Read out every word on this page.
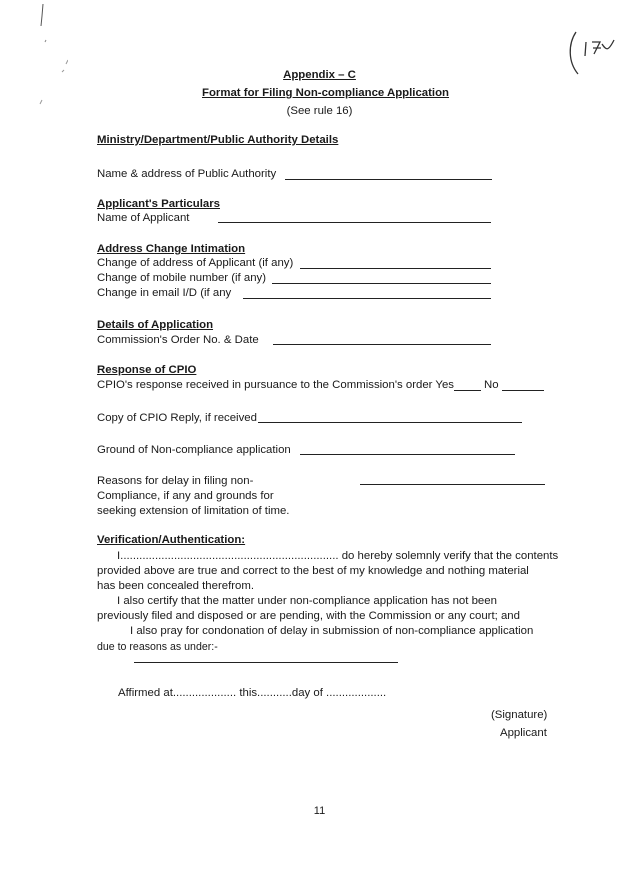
Appendix – C
Format for Filing Non-compliance Application
(See rule 16)
Ministry/Department/Public Authority Details
Name & address of Public Authority
Applicant's Particulars
Name of Applicant
Address Change Intimation
Change of address of Applicant (if any)
Change of mobile number (if any)
Change in email I/D (if any
Details of Application
Commission's Order No. & Date
Response of CPIO
CPIO's response received in pursuance to the Commission's order Yes	No
Copy of CPIO Reply, if received
Ground of Non-compliance application
Reasons for delay in filing non-
Compliance, if any and grounds for
seeking extension of limitation of time.
Verification/Authentication:
I..................................................................... do hereby solemnly verify that the contents
provided above are true and correct to the best of my knowledge and nothing material
has been concealed therefrom.
I also certify that the matter under non-compliance application has not been
previously filed and disposed or are pending, with the Commission or any court; and
I also pray for condonation of delay in submission of non-compliance application
due to reasons as under:-
Affirmed at.................... this...........day of ...................
(Signature)
Applicant
11
